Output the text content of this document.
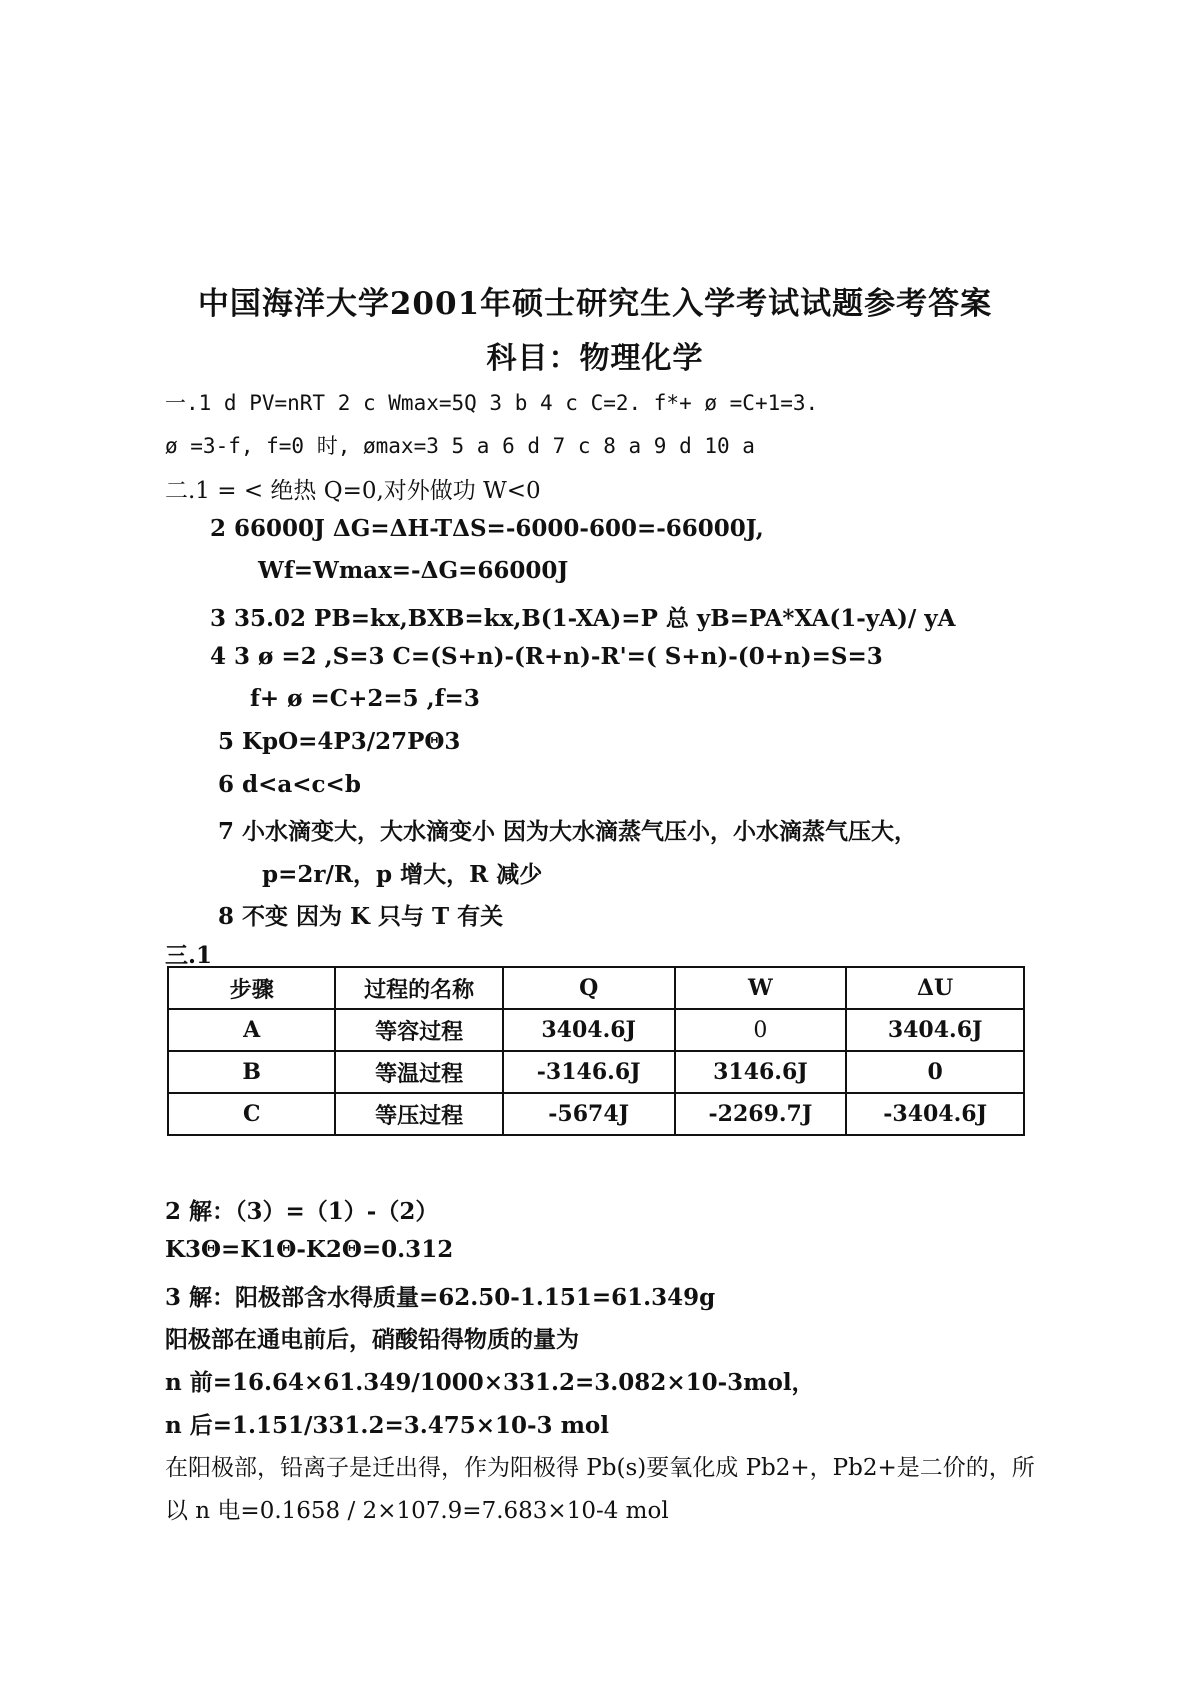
中国海洋大学2001年硕士研究生入学考试试题参考答案
科目：物理化学
一.1 d PV=nRT 2 c Wmax=5Q 3 b 4 c C=2. f*+ ø =C+1=3.
ø =3-f, f=0 时, ømax=3 5 a 6 d 7 c 8 a 9 d 10 a
二.1 = < 绝热 Q=0,对外做功 W<0
2 66000J ΔG=ΔH-TΔS=-6000-600=-66000J,
Wf=Wmax=-ΔG=66000J
3 35.02 PB=kx,BXB=kx,B(1-XA)=P 总 yB=PA*XA(1-yA)/ yA
4 3 ø =2 ,S=3 C=(S+n)-(R+n)-R'=( S+n)-(0+n)=S=3
f+ ø =C+2=5 ,f=3
5 KpO=4P3/27PΘ3
6 d<a<c<b
7 小水滴变大，大水滴变小 因为大水滴蒸气压小，小水滴蒸气压大，
p=2r/R，p 增大，R 减少
8 不变 因为 K 只与 T 有关
三.1
步骤	过程的名称	Q	W	ΔU
A	等容过程	3404.6J	0	3404.6J
B	等温过程	-3146.6J	3146.6J	0
C	等压过程	-5674J	-2269.7J	-3404.6J
2 解：（3）=（1）-（2）
K3Θ=K1Θ-K2Θ=0.312
3 解：阳极部含水得质量=62.50-1.151=61.349g
阳极部在通电前后，硝酸铅得物质的量为
n 前=16.64×61.349/1000×331.2=3.082×10-3mol，
n 后=1.151/331.2=3.475×10-3 mol
在阳极部，铅离子是迁出得，作为阳极得 Pb(s)要氧化成 Pb2+，Pb2+是二价的，所
以 n 电=0.1658 / 2×107.9=7.683×10-4 mol
